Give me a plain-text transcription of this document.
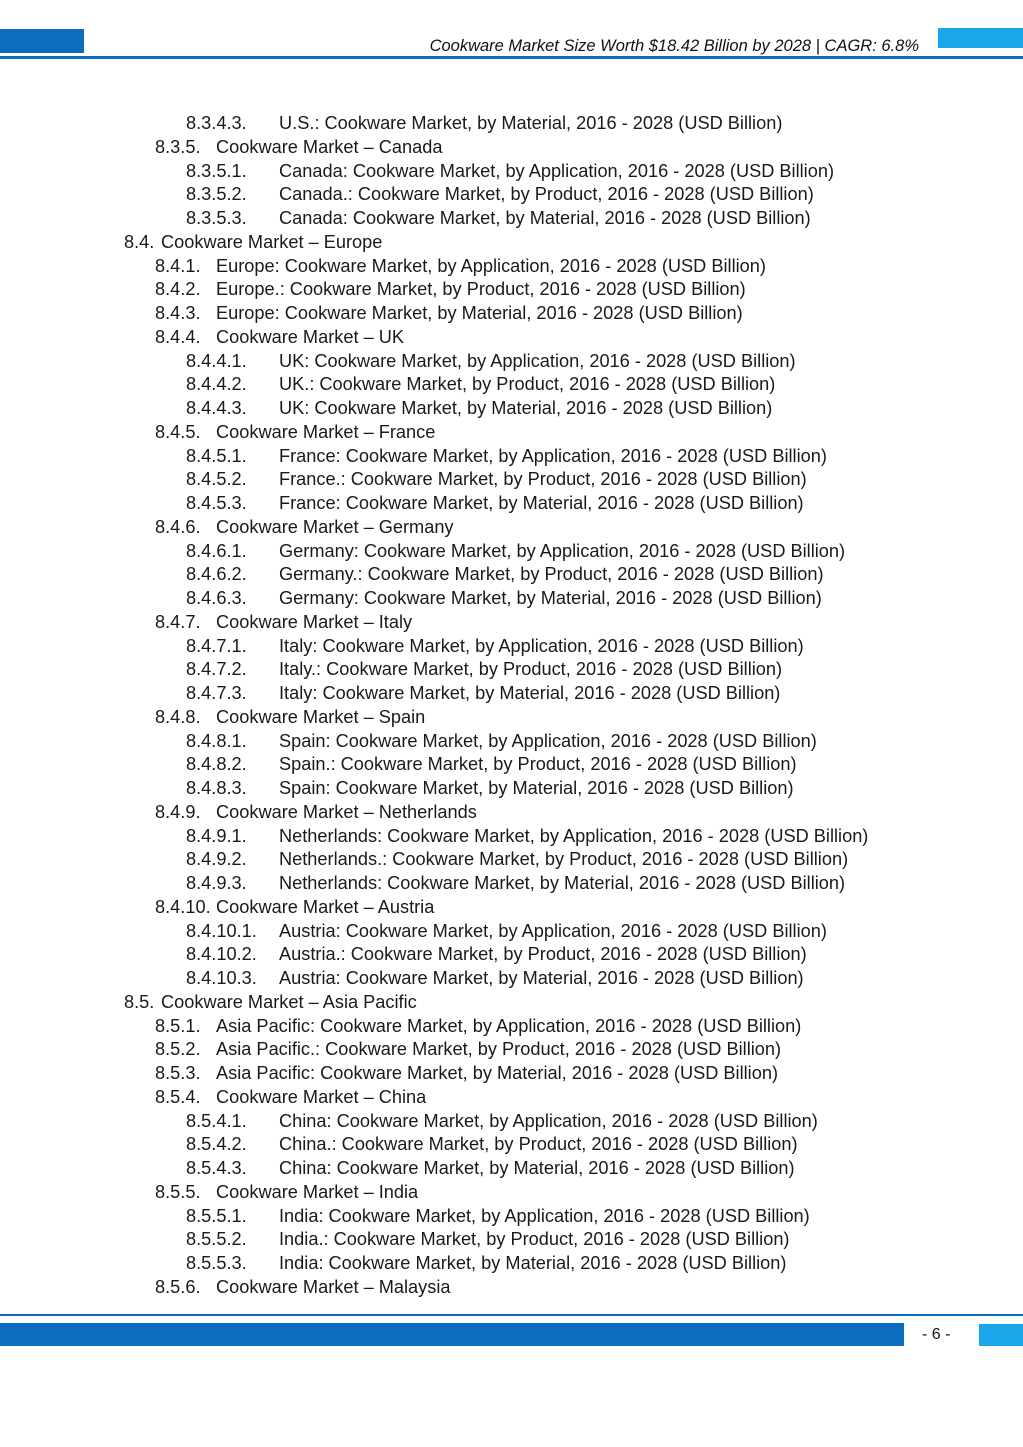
Cookware Market Size Worth $18.42 Billion by 2028 | CAGR: 6.8%
8.3.4.3. U.S.: Cookware Market, by Material, 2016 - 2028 (USD Billion)
8.3.5. Cookware Market – Canada
8.3.5.1. Canada: Cookware Market, by Application, 2016 - 2028 (USD Billion)
8.3.5.2. Canada.: Cookware Market, by Product, 2016 - 2028 (USD Billion)
8.3.5.3. Canada: Cookware Market, by Material, 2016 - 2028 (USD Billion)
8.4. Cookware Market – Europe
8.4.1. Europe: Cookware Market, by Application, 2016 - 2028 (USD Billion)
8.4.2. Europe.: Cookware Market, by Product, 2016 - 2028 (USD Billion)
8.4.3. Europe: Cookware Market, by Material, 2016 - 2028 (USD Billion)
8.4.4. Cookware Market – UK
8.4.4.1. UK: Cookware Market, by Application, 2016 - 2028 (USD Billion)
8.4.4.2. UK.: Cookware Market, by Product, 2016 - 2028 (USD Billion)
8.4.4.3. UK: Cookware Market, by Material, 2016 - 2028 (USD Billion)
8.4.5. Cookware Market – France
8.4.5.1. France: Cookware Market, by Application, 2016 - 2028 (USD Billion)
8.4.5.2. France.: Cookware Market, by Product, 2016 - 2028 (USD Billion)
8.4.5.3. France: Cookware Market, by Material, 2016 - 2028 (USD Billion)
8.4.6. Cookware Market – Germany
8.4.6.1. Germany: Cookware Market, by Application, 2016 - 2028 (USD Billion)
8.4.6.2. Germany.: Cookware Market, by Product, 2016 - 2028 (USD Billion)
8.4.6.3. Germany: Cookware Market, by Material, 2016 - 2028 (USD Billion)
8.4.7. Cookware Market – Italy
8.4.7.1. Italy: Cookware Market, by Application, 2016 - 2028 (USD Billion)
8.4.7.2. Italy.: Cookware Market, by Product, 2016 - 2028 (USD Billion)
8.4.7.3. Italy: Cookware Market, by Material, 2016 - 2028 (USD Billion)
8.4.8. Cookware Market – Spain
8.4.8.1. Spain: Cookware Market, by Application, 2016 - 2028 (USD Billion)
8.4.8.2. Spain.: Cookware Market, by Product, 2016 - 2028 (USD Billion)
8.4.8.3. Spain: Cookware Market, by Material, 2016 - 2028 (USD Billion)
8.4.9. Cookware Market – Netherlands
8.4.9.1. Netherlands: Cookware Market, by Application, 2016 - 2028 (USD Billion)
8.4.9.2. Netherlands.: Cookware Market, by Product, 2016 - 2028 (USD Billion)
8.4.9.3. Netherlands: Cookware Market, by Material, 2016 - 2028 (USD Billion)
8.4.10. Cookware Market – Austria
8.4.10.1. Austria: Cookware Market, by Application, 2016 - 2028 (USD Billion)
8.4.10.2. Austria.: Cookware Market, by Product, 2016 - 2028 (USD Billion)
8.4.10.3. Austria: Cookware Market, by Material, 2016 - 2028 (USD Billion)
8.5. Cookware Market – Asia Pacific
8.5.1. Asia Pacific: Cookware Market, by Application, 2016 - 2028 (USD Billion)
8.5.2. Asia Pacific.: Cookware Market, by Product, 2016 - 2028 (USD Billion)
8.5.3. Asia Pacific: Cookware Market, by Material, 2016 - 2028 (USD Billion)
8.5.4. Cookware Market – China
8.5.4.1. China: Cookware Market, by Application, 2016 - 2028 (USD Billion)
8.5.4.2. China.: Cookware Market, by Product, 2016 - 2028 (USD Billion)
8.5.4.3. China: Cookware Market, by Material, 2016 - 2028 (USD Billion)
8.5.5. Cookware Market – India
8.5.5.1. India: Cookware Market, by Application, 2016 - 2028 (USD Billion)
8.5.5.2. India.: Cookware Market, by Product, 2016 - 2028 (USD Billion)
8.5.5.3. India: Cookware Market, by Material, 2016 - 2028 (USD Billion)
8.5.6. Cookware Market – Malaysia
- 6 -
